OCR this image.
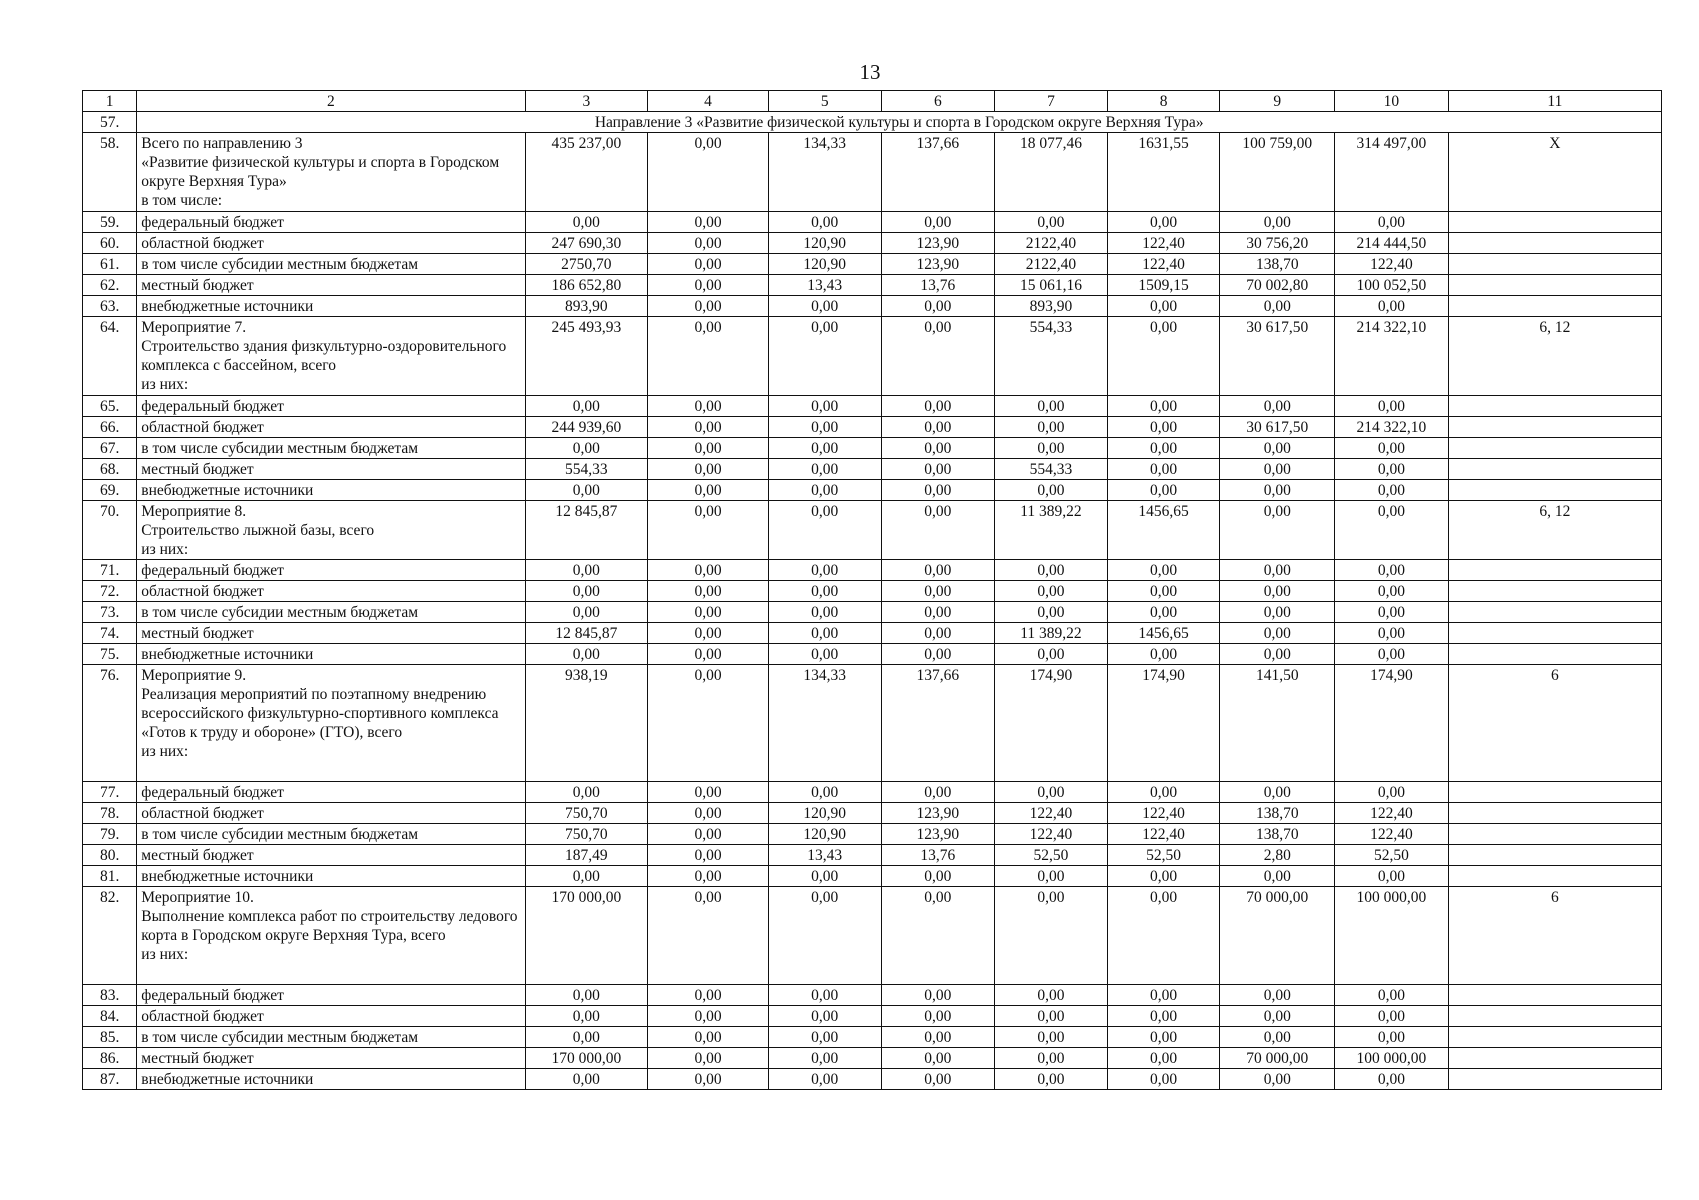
13
1	2	3	4	5	6	7	8	9	10	11
57.	Направление 3 «Развитие физической культуры и спорта в Городском округе Верхняя Тура»									
58.	Всего по направлению 3
«Развитие физической культуры и спорта в Городском округе Верхняя Тура»
в том числе:	435 237,00	0,00	134,33	137,66	18 077,46	1631,55	100 759,00	314 497,00	X
59.	федеральный бюджет	0,00	0,00	0,00	0,00	0,00	0,00	0,00	0,00	
60.	областной бюджет	247 690,30	0,00	120,90	123,90	2122,40	122,40	30 756,20	214 444,50	
61.	в том числе субсидии местным бюджетам	2750,70	0,00	120,90	123,90	2122,40	122,40	138,70	122,40	
62.	местный бюджет	186 652,80	0,00	13,43	13,76	15 061,16	1509,15	70 002,80	100 052,50	
63.	внебюджетные источники	893,90	0,00	0,00	0,00	893,90	0,00	0,00	0,00	
64.	Мероприятие 7.
Строительство здания физкультурно-оздоровительного комплекса с бассейном, всего
из них:	245 493,93	0,00	0,00	0,00	554,33	0,00	30 617,50	214 322,10	6, 12
65.	федеральный бюджет	0,00	0,00	0,00	0,00	0,00	0,00	0,00	0,00	
66.	областной бюджет	244 939,60	0,00	0,00	0,00	0,00	0,00	30 617,50	214 322,10	
67.	в том числе субсидии местным бюджетам	0,00	0,00	0,00	0,00	0,00	0,00	0,00	0,00	
68.	местный бюджет	554,33	0,00	0,00	0,00	554,33	0,00	0,00	0,00	
69.	внебюджетные источники	0,00	0,00	0,00	0,00	0,00	0,00	0,00	0,00	
70.	Мероприятие 8.
Строительство лыжной базы, всего
из них:	12 845,87	0,00	0,00	0,00	11 389,22	1456,65	0,00	0,00	6, 12
71.	федеральный бюджет	0,00	0,00	0,00	0,00	0,00	0,00	0,00	0,00	
72.	областной бюджет	0,00	0,00	0,00	0,00	0,00	0,00	0,00	0,00	
73.	в том числе субсидии местным бюджетам	0,00	0,00	0,00	0,00	0,00	0,00	0,00	0,00	
74.	местный бюджет	12 845,87	0,00	0,00	0,00	11 389,22	1456,65	0,00	0,00	
75.	внебюджетные источники	0,00	0,00	0,00	0,00	0,00	0,00	0,00	0,00	
76.	Мероприятие 9.
Реализация мероприятий по поэтапному внедрению всероссийского физкультурно-спортивного комплекса «Готов к труду и обороне» (ГТО), всего
из них:	938,19	0,00	134,33	137,66	174,90	174,90	141,50	174,90	6
77.	федеральный бюджет	0,00	0,00	0,00	0,00	0,00	0,00	0,00	0,00	
78.	областной бюджет	750,70	0,00	120,90	123,90	122,40	122,40	138,70	122,40	
79.	в том числе субсидии местным бюджетам	750,70	0,00	120,90	123,90	122,40	122,40	138,70	122,40	
80.	местный бюджет	187,49	0,00	13,43	13,76	52,50	52,50	2,80	52,50	
81.	внебюджетные источники	0,00	0,00	0,00	0,00	0,00	0,00	0,00	0,00	
82.	Мероприятие 10.
Выполнение комплекса работ по строительству ледового корта в Городском округе Верхняя Тура, всего
из них:	170 000,00	0,00	0,00	0,00	0,00	0,00	70 000,00	100 000,00	6
83.	федеральный бюджет	0,00	0,00	0,00	0,00	0,00	0,00	0,00	0,00	
84.	областной бюджет	0,00	0,00	0,00	0,00	0,00	0,00	0,00	0,00	
85.	в том числе субсидии местным бюджетам	0,00	0,00	0,00	0,00	0,00	0,00	0,00	0,00	
86.	местный бюджет	170 000,00	0,00	0,00	0,00	0,00	0,00	70 000,00	100 000,00	
87.	внебюджетные источники	0,00	0,00	0,00	0,00	0,00	0,00	0,00	0,00	
